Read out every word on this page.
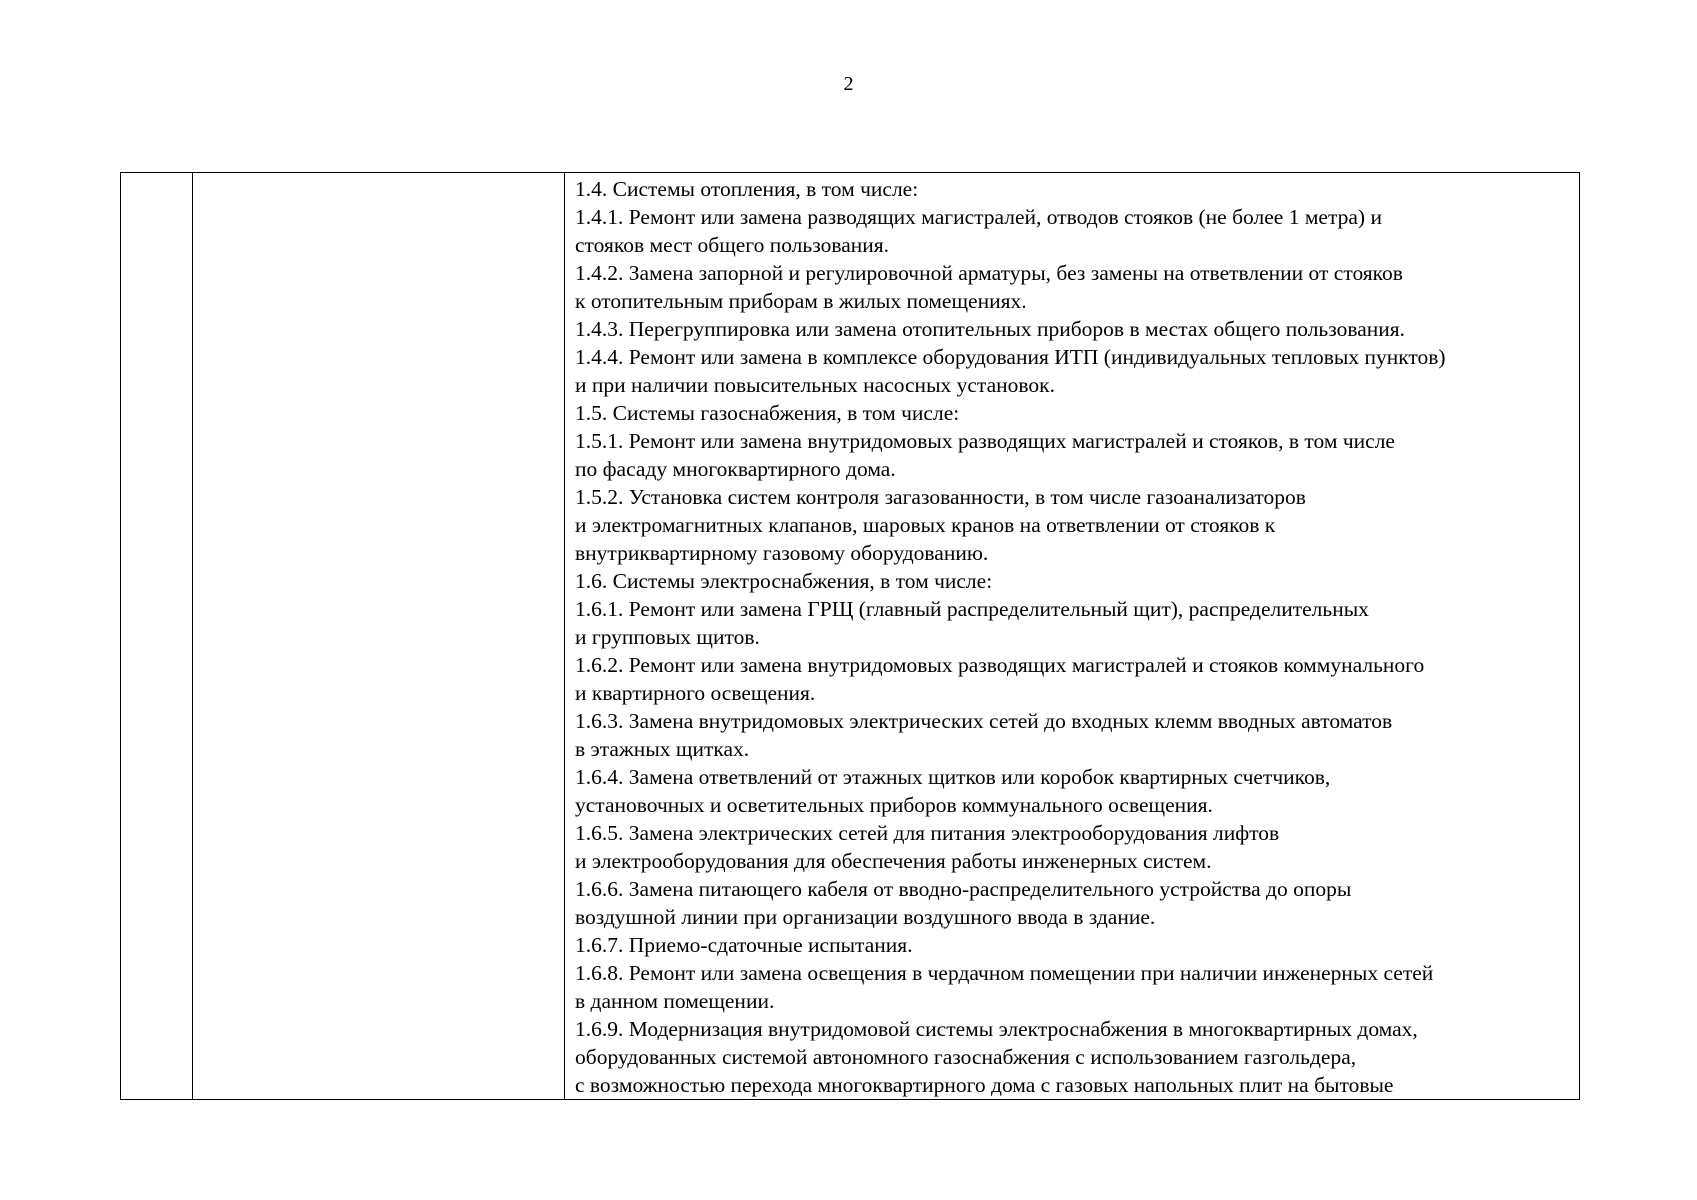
2

1.4. Системы отопления, в том числе:
1.4.1. Ремонт или замена разводящих магистралей, отводов стояков (не более 1 метра) и
стояков мест общего пользования.
1.4.2. Замена запорной и регулировочной арматуры, без замены на ответвлении от стояков
к отопительным приборам в жилых помещениях.
1.4.3. Перегруппировка или замена отопительных приборов в местах общего пользования.
1.4.4. Ремонт или замена в комплексе оборудования ИТП (индивидуальных тепловых пунктов)
и при наличии повысительных насосных установок.
1.5. Системы газоснабжения, в том числе:
1.5.1. Ремонт или замена внутридомовых разводящих магистралей и стояков, в том числе
по фасаду многоквартирного дома.
1.5.2. Установка систем контроля загазованности, в том числе газоанализаторов
и электромагнитных клапанов, шаровых кранов на ответвлении от стояков к
внутриквартирному газовому оборудованию.
1.6. Системы электроснабжения, в том числе:
1.6.1. Ремонт или замена ГРЩ (главный распределительный щит), распределительных
и групповых щитов.
1.6.2. Ремонт или замена внутридомовых разводящих магистралей и стояков коммунального
и квартирного освещения.
1.6.3. Замена внутридомовых электрических сетей до входных клемм вводных автоматов
в этажных щитках.
1.6.4. Замена ответвлений от этажных щитков или коробок квартирных счетчиков,
установочных и осветительных приборов коммунального освещения.
1.6.5. Замена электрических сетей для питания электрооборудования лифтов
и электрооборудования для обеспечения работы инженерных систем.
1.6.6. Замена питающего кабеля от вводно-распределительного устройства до опоры
воздушной линии при организации воздушного ввода в здание.
1.6.7. Приемо-сдаточные испытания.
1.6.8. Ремонт или замена освещения в чердачном помещении при наличии инженерных сетей
в данном помещении.
1.6.9. Модернизация внутридомовой системы электроснабжения в многоквартирных домах,
оборудованных системой автономного газоснабжения с использованием газгольдера,
с возможностью перехода многоквартирного дома с газовых напольных плит на бытовые
